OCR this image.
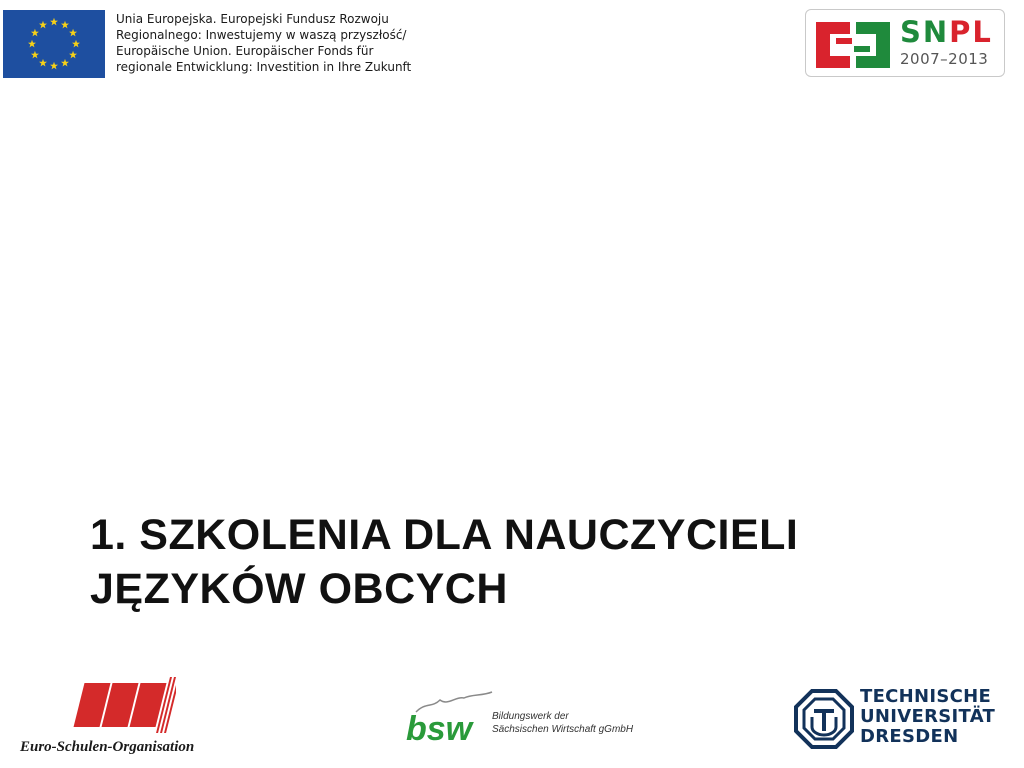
Unia Europejska. Europejski Fundusz Rozwoju
Regionalnego: Inwestujemy w waszą przyszłość/
Europäische Union. Europäischer Fonds für
regionale Entwicklung: Investition in Ihre Zukunft
SNPL
2007–2013
1. SZKOLENIA DLA NAUCZYCIELI
JĘZYKÓW OBCYCH
Euro-Schulen-Organisation	bsw Bildungswerk der
Sächsischen Wirtschaft gGmbH
TECHNISCHE
UNIVERSITÄT
DRESDEN
